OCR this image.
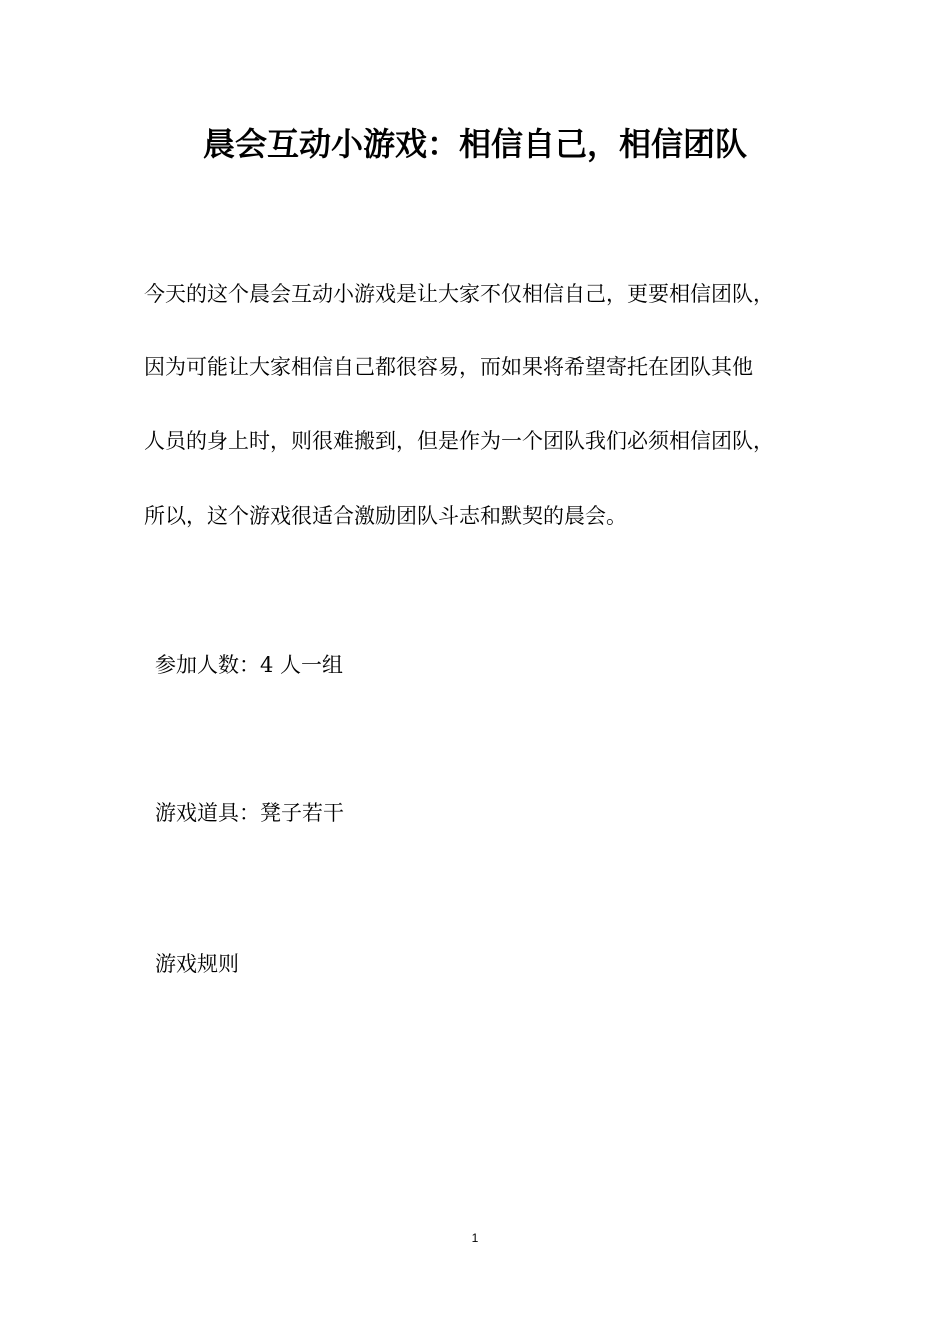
晨会互动小游戏：相信自己，相信团队

今天的这个晨会互动小游戏是让大家不仅相信自己，更要相信团队，

因为可能让大家相信自己都很容易，而如果将希望寄托在团队其他

人员的身上时，则很难搬到，但是作为一个团队我们必须相信团队，

所以，这个游戏很适合激励团队斗志和默契的晨会。

参加人数：4 人一组

游戏道具：凳子若干

游戏规则

1
